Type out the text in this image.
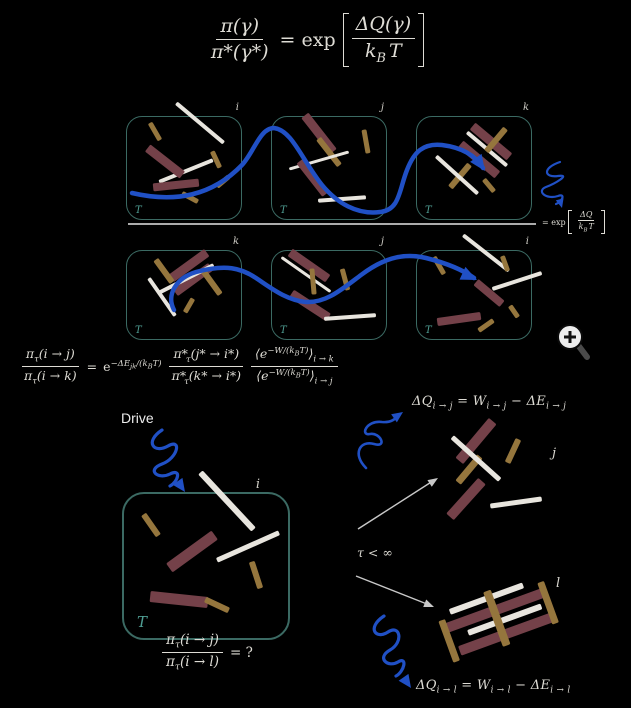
$\frac{\pi(\gamma)}{\pi*(\gamma*)} = \exp \frac{\Delta Q(\gamma)}{k_B T}$
i
T
j
T
k
T
= $\exp \frac{\Delta Q}{k_BT}$
k
T
j
T
i
T
$\frac{\pi_\tau(i \to j)}{\pi_\tau(i \to k)} = e^{-\Delta E_{jk}/(k_BT)} \frac{\pi*_\tau(j* \to i*)}{\pi*_\tau(k* \to i*)} \frac{⟨e^{-W/(k_BT)}⟩_{i \to k}}{⟨e^{-W/(k_BT)}⟩_{i \to j}}$
Drive
i
T
$\frac{\pi_\tau(i \to j)}{\pi_\tau(i \to l)}$ = ?
$\Delta Q_{i \to j} = W_{i \to j} - \Delta E_{i \to j}$
j
τ < ∞
l
$\Delta Q_{i \to l} = W_{i \to l} - \Delta E_{i \to l}$
